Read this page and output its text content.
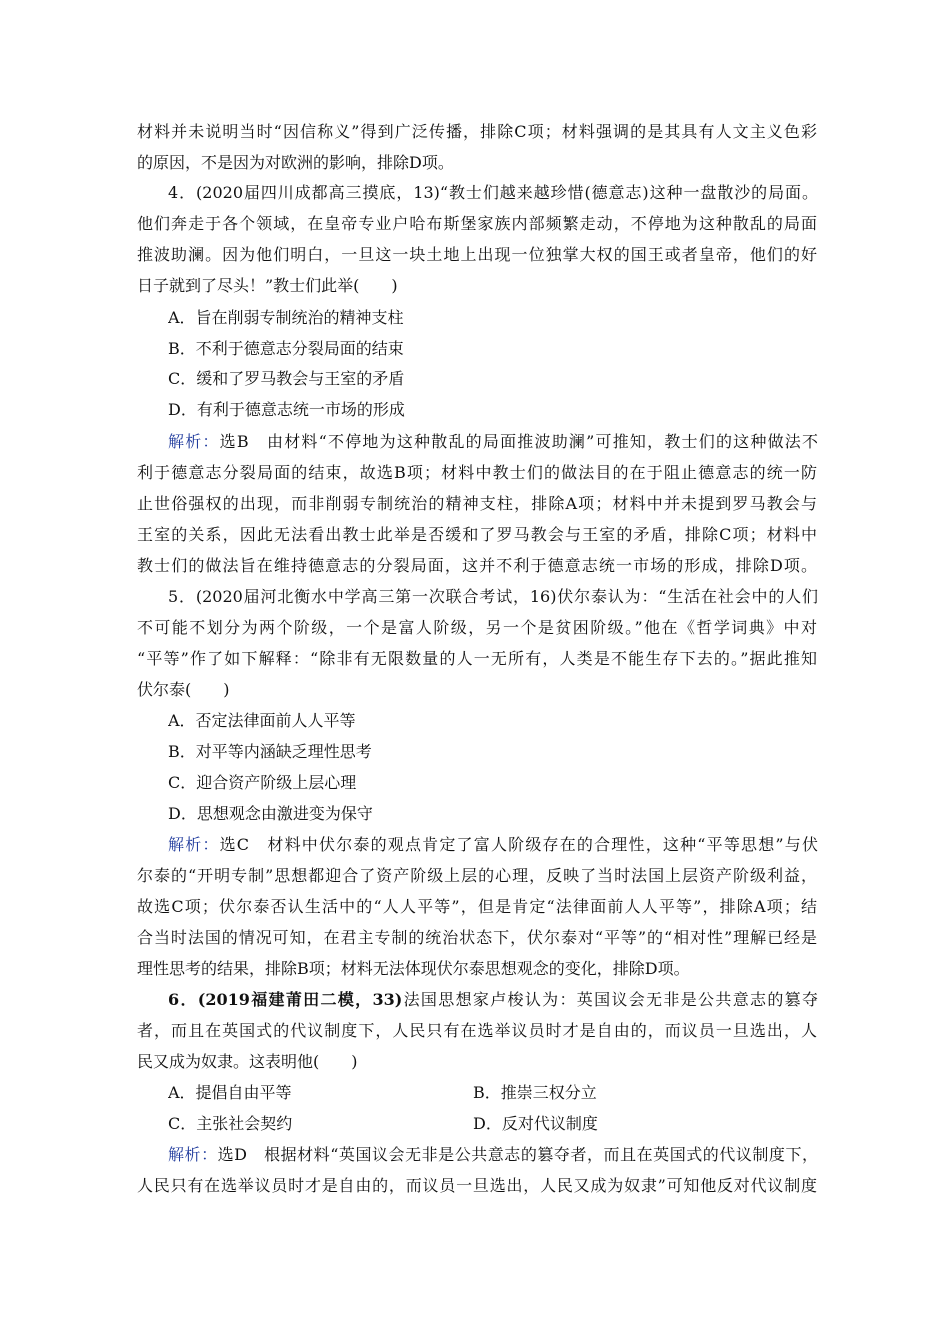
材料并未说明当时“因信称义”得到广泛传播，排除C项；材料强调的是其具有人文主义色彩
的原因，不是因为对欧洲的影响，排除D项。
4．(2020届四川成都高三摸底，13)“教士们越来越珍惜(德意志)这种一盘散沙的局面。
他们奔走于各个领域，在皇帝专业户哈布斯堡家族内部频繁走动，不停地为这种散乱的局面
推波助澜。因为他们明白，一旦这一块土地上出现一位独掌大权的国王或者皇帝，他们的好
日子就到了尽头！”教士们此举(　　)
A．旨在削弱专制统治的精神支柱
B．不利于德意志分裂局面的结束
C．缓和了罗马教会与王室的矛盾
D．有利于德意志统一市场的形成
解析：选B　由材料“不停地为这种散乱的局面推波助澜”可推知，教士们的这种做法不
利于德意志分裂局面的结束，故选B项；材料中教士们的做法目的在于阻止德意志的统一防
止世俗强权的出现，而非削弱专制统治的精神支柱，排除A项；材料中并未提到罗马教会与
王室的关系，因此无法看出教士此举是否缓和了罗马教会与王室的矛盾，排除C项；材料中
教士们的做法旨在维持德意志的分裂局面，这并不利于德意志统一市场的形成，排除D项。
5．(2020届河北衡水中学高三第一次联合考试，16)伏尔泰认为：“生活在社会中的人们
不可能不划分为两个阶级，一个是富人阶级，另一个是贫困阶级。”他在《哲学词典》中对
“平等”作了如下解释：“除非有无限数量的人一无所有，人类是不能生存下去的。”据此推知
伏尔泰(　　)
A．否定法律面前人人平等
B．对平等内涵缺乏理性思考
C．迎合资产阶级上层心理
D．思想观念由激进变为保守
解析：选C　材料中伏尔泰的观点肯定了富人阶级存在的合理性，这种“平等思想”与伏
尔泰的“开明专制”思想都迎合了资产阶级上层的心理，反映了当时法国上层资产阶级利益，
故选C项；伏尔泰否认生活中的“人人平等”，但是肯定“法律面前人人平等”，排除A项；结
合当时法国的情况可知，在君主专制的统治状态下，伏尔泰对“平等”的“相对性”理解已经是
理性思考的结果，排除B项；材料无法体现伏尔泰思想观念的变化，排除D项。
6．(2019福建莆田二模，33)法国思想家卢梭认为：英国议会无非是公共意志的篡夺
者，而且在英国式的代议制度下，人民只有在选举议员时才是自由的，而议员一旦选出，人
民又成为奴隶。这表明他(　　)
A．提倡自由平等	B．推崇三权分立
C．主张社会契约	D．反对代议制度
解析：选D　根据材料“英国议会无非是公共意志的篡夺者，而且在英国式的代议制度下，
人民只有在选举议员时才是自由的，而议员一旦选出，人民又成为奴隶”可知他反对代议制度
